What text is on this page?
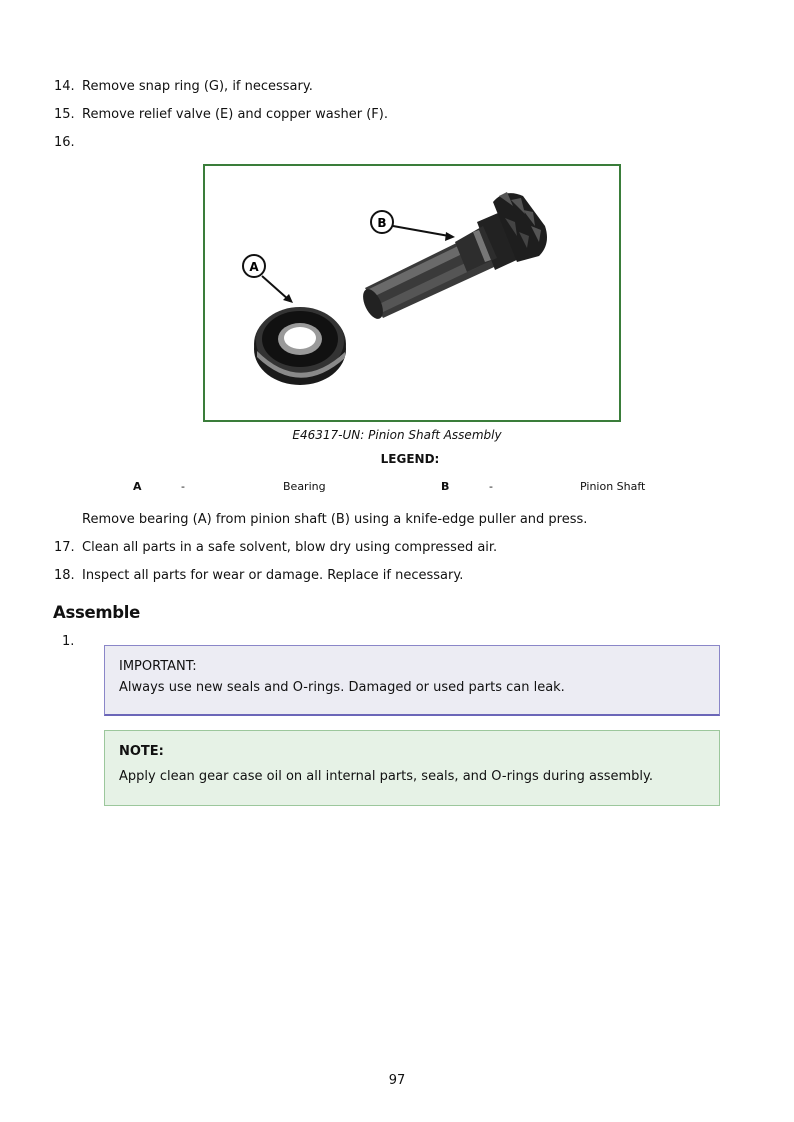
14. Remove snap ring (G), if necessary.
15. Remove relief valve (E) and copper washer (F).
16.
A
B
E46317-UN: Pinion Shaft Assembly
LEGEND:
A	-	Bearing	B	-	Pinion Shaft
Remove bearing (A) from pinion shaft (B) using a knife-edge puller and press.
17. Clean all parts in a safe solvent, blow dry using compressed air.
18. Inspect all parts for wear or damage. Replace if necessary.
Assemble
1.
IMPORTANT:
Always use new seals and O-rings. Damaged or used parts can leak.
NOTE:
Apply clean gear case oil on all internal parts, seals, and O-rings during assembly.
97
